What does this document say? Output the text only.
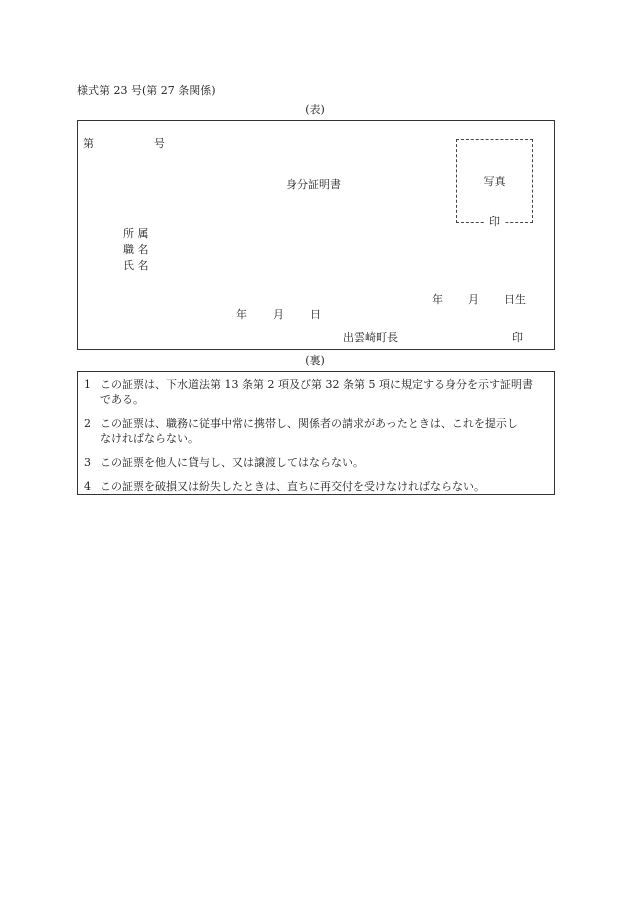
様式第 23 号(第 27 条関係)
(表)
第	号
写真
印
身分証明書
所 属
職 名
氏 名
年 月 日生
年 月 日
出雲崎町長	印
(裏)
1 この証票は、下水道法第 13 条第 2 項及び第 32 条第 5 項に規定する身分を示す証明書
である。
2 この証票は、職務に従事中常に携帯し、関係者の請求があったときは、これを提示し
なければならない。
3 この証票を他人に貸与し、又は譲渡してはならない。
4 この証票を破損又は紛失したときは、直ちに再交付を受けなければならない。
